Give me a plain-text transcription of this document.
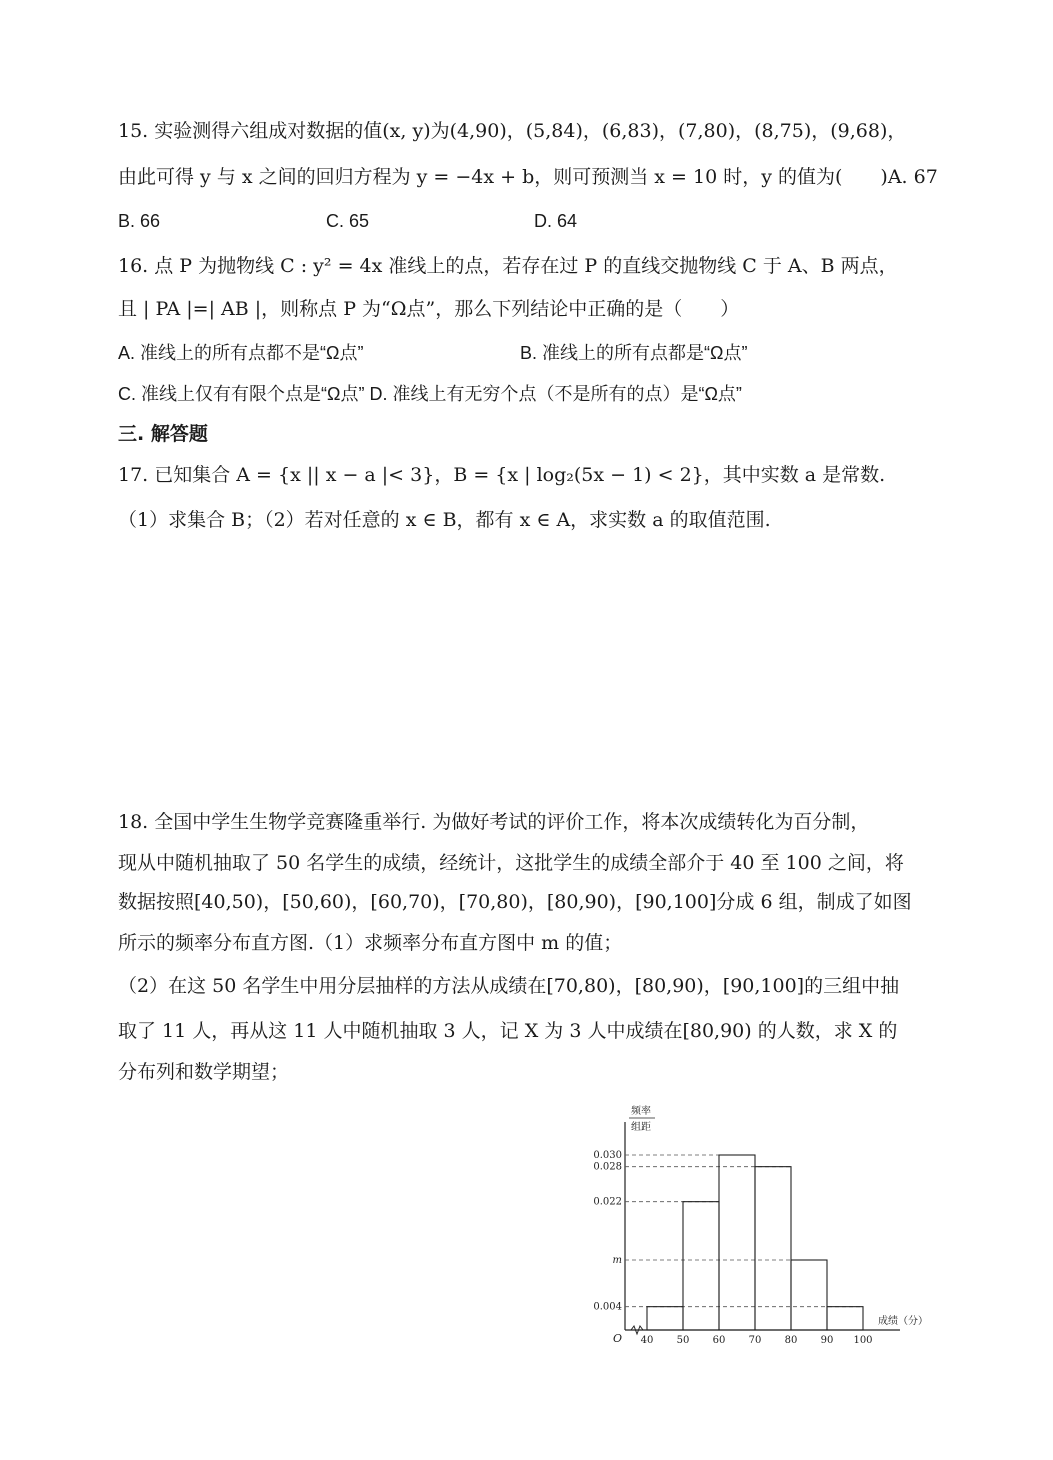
15. 实验测得六组成对数据的值(x, y)为(4,90)，(5,84)，(6,83)，(7,80)，(8,75)，(9,68)，
由此可得 y 与 x 之间的回归方程为 y = −4x + b，则可预测当 x = 10 时，y 的值为(　　)A. 67
B. 66	C. 65	D. 64
16. 点 P 为抛物线 C : y² = 4x 准线上的点，若存在过 P 的直线交抛物线 C 于 A、B 两点，
且 | PA |=| AB |，则称点 P 为“Ω点”，那么下列结论中正确的是（　　）
A. 准线上的所有点都不是“Ω点”	B. 准线上的所有点都是“Ω点”
C. 准线上仅有有限个点是“Ω点” D. 准线上有无穷个点（不是所有的点）是“Ω点”
三. 解答题
17. 已知集合 A = {x || x − a |< 3}，B = {x | log₂(5x − 1) < 2}，其中实数 a 是常数.
（1）求集合 B；（2）若对任意的 x ∈ B，都有 x ∈ A，求实数 a 的取值范围.
18. 全国中学生生物学竞赛隆重举行. 为做好考试的评价工作，将本次成绩转化为百分制，
现从中随机抽取了 50 名学生的成绩，经统计，这批学生的成绩全部介于 40 至 100 之间，将
数据按照[40,50)，[50,60)，[60,70)，[70,80)，[80,90)，[90,100]分成 6 组，制成了如图
所示的频率分布直方图.（1）求频率分布直方图中 m 的值；
（2）在这 50 名学生中用分层抽样的方法从成绩在[70,80)，[80,90)，[90,100]的三组中抽
取了 11 人，再从这 11 人中随机抽取 3 人，记 X 为 3 人中成绩在[80,90) 的人数，求 X 的
分布列和数学期望；
频率
组距
成绩（分）
O 40 50 60 70 80 90 100
0.030
0.028
0.022
m
0.004
